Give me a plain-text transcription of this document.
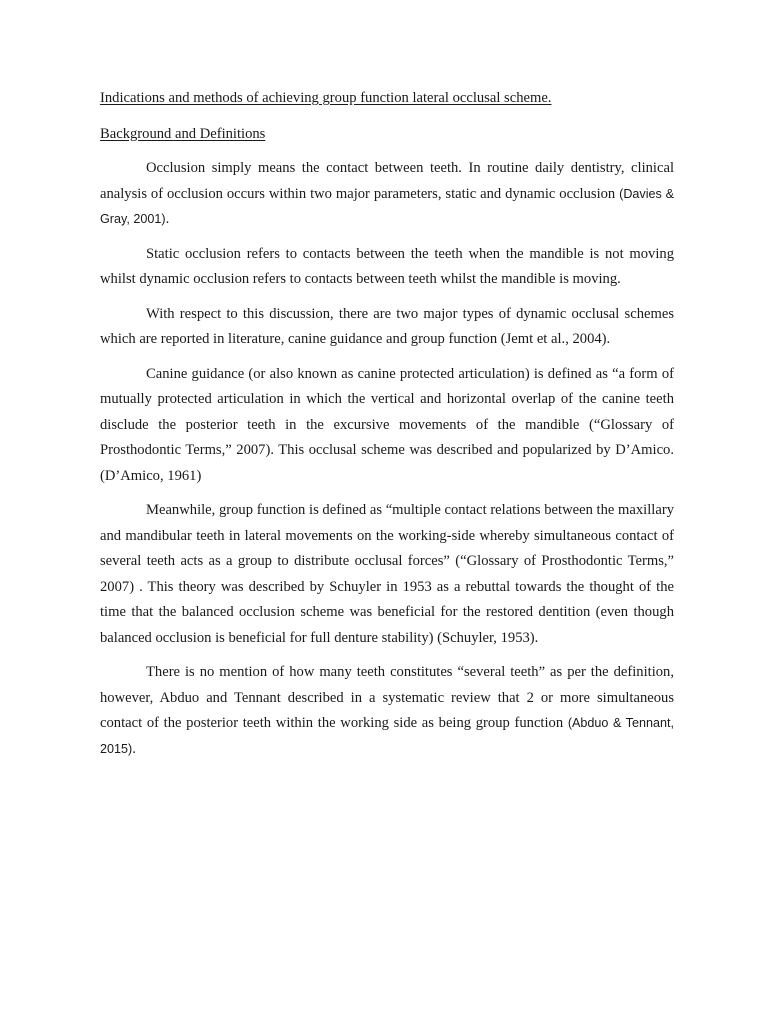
Indications and methods of achieving group function lateral occlusal scheme.

Background and Definitions

Occlusion simply means the contact between teeth. In routine daily dentistry, clinical analysis of occlusion occurs within two major parameters, static and dynamic occlusion (Davies & Gray, 2001).

Static occlusion refers to contacts between the teeth when the mandible is not moving whilst dynamic occlusion refers to contacts between teeth whilst the mandible is moving.

With respect to this discussion, there are two major types of dynamic occlusal schemes which are reported in literature, canine guidance and group function (Jemt et al., 2004).

Canine guidance (or also known as canine protected articulation) is defined as “a form of mutually protected articulation in which the vertical and horizontal overlap of the canine teeth disclude the posterior teeth in the excursive movements of the mandible (“Glossary of Prosthodontic Terms,” 2007). This occlusal scheme was described and popularized by D’Amico. (D’Amico, 1961)

Meanwhile, group function is defined as “multiple contact relations between the maxillary and mandibular teeth in lateral movements on the working-side whereby simultaneous contact of several teeth acts as a group to distribute occlusal forces” (“Glossary of Prosthodontic Terms,” 2007) . This theory was described by Schuyler in 1953 as a rebuttal towards the thought of the time that the balanced occlusion scheme was beneficial for the restored dentition (even though balanced occlusion is beneficial for full denture stability) (Schuyler, 1953).

There is no mention of how many teeth constitutes “several teeth” as per the definition, however, Abduo and Tennant described in a systematic review that 2 or more simultaneous contact of the posterior teeth within the working side as being group function (Abduo & Tennant, 2015).
